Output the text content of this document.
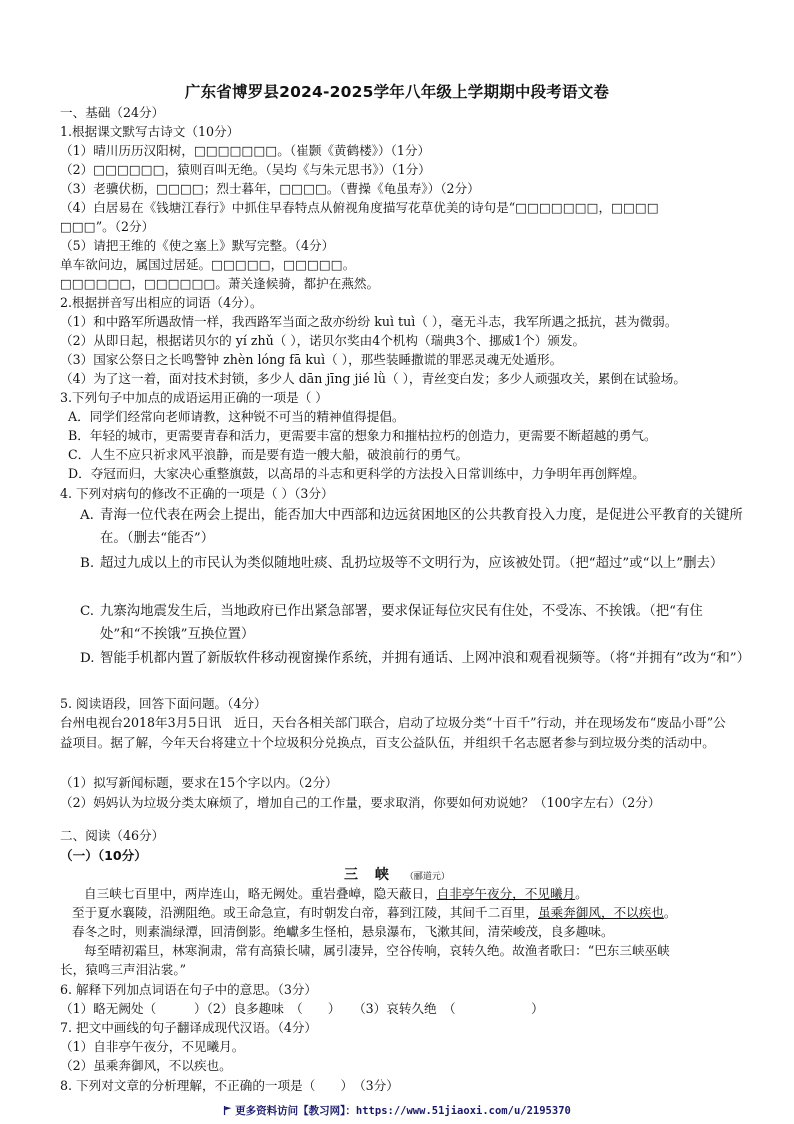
广东省博罗县2024-2025学年八年级上学期期中段考语文卷
一、基础（24分）
1.根据课文默写古诗文（10分）
（1）晴川历历汉阳树，□□□□□□□。（崔颢《黄鹤楼》）（1分）
（2）□□□□□□，猿则百叫无绝。（吴均《与朱元思书》）（1分）
（3）老骥伏枥，□□□□；烈士暮年，□□□□。（曹操《龟虽寿》）（2分）
（4）白居易在《钱塘江春行》中抓住早春特点从俯视角度描写花草优美的诗句是“□□□□□□□，□□□□
□□□”。（2分）
（5）请把王维的《使之塞上》默写完整。（4分）
单车欲问边，属国过居延。□□□□□，□□□□□。
□□□□□□，□□□□□□。萧关逢候骑，都护在燕然。
2.根据拼音写出相应的词语（4分）。
（1）和中路军所遇敌情一样，我西路军当面之敌亦纷纷 kuì tuì（ ），毫无斗志，我军所遇之抵抗，甚为微弱。
（2）从即日起，根据诺贝尔的 yí zhǔ（ ），诺贝尔奖由4个机构（瑞典3个、挪威1个）颁发。
（3）国家公祭日之长鸣警钟 zhèn lóng fā kuì（ ），那些装睡撒谎的罪恶灵魂无处遁形。
（4）为了这一着，面对技术封锁，多少人 dān jīng jié lǜ（ ），青丝变白发；多少人顽强攻关，累倒在试验场。
3.下列句子中加点的成语运用正确的一项是（ ）
A．同学们经常向老师请教，这种锐不可当的精神值得提倡。
B．年轻的城市，更需要青春和活力，更需要丰富的想象力和摧枯拉朽的创造力，更需要不断超越的勇气。
C．人生不应只祈求风平浪静，而是要有造一艘大船，破浪前行的勇气。
D．夺冠而归，大家决心重整旗鼓，以高昂的斗志和更科学的方法投入日常训练中，力争明年再创辉煌。
4. 下列对病句的修改不正确的一项是（ ）（3分）
A. 青海一位代表在两会上提出，能否加大中西部和边远贫困地区的公共教育投入力度，是促进公平教育的关键所在。（删去“能否”）
B. 超过九成以上的市民认为类似随地吐痰、乱扔垃圾等不文明行为，应该被处罚。（把“超过”或“以上”删去）
C. 九寨沟地震发生后，当地政府已作出紧急部署，要求保证每位灾民有住处，不受冻、不挨饿。（把“有住处”和“不挨饿”互换位置）
D. 智能手机都内置了新版软件移动视窗操作系统，并拥有通话、上网冲浪和观看视频等。（将“并拥有”改为“和”）
5. 阅读语段，回答下面问题。（4分）
台州电视台2018年3月5日讯　近日，天台各相关部门联合，启动了垃圾分类“十百千”行动，并在现场发布“废品小哥”公益项目。据了解，今年天台将建立十个垃圾积分兑换点，百支公益队伍，并组织千名志愿者参与到垃圾分类的活动中。
（1）拟写新闻标题，要求在15个字以内。（2分）
（2）妈妈认为垃圾分类太麻烦了，增加自己的工作量，要求取消，你要如何劝说她？（100字左右）（2分）
二、阅读（46分）
（一）（10分）
三 峡 （郦道元）
自三峡七百里中，两岸连山，略无阙处。重岩叠嶂，隐天蔽日，自非亭午夜分，不见曦月。
至于夏水襄陵，沿溯阻绝。或王命急宣，有时朝发白帝，暮到江陵，其间千二百里，虽乘奔御风，不以疾也。
春冬之时，则素湍绿潭，回清倒影。绝巘多生怪柏，悬泉瀑布，飞漱其间，清荣峻茂，良多趣味。
每至晴初霜旦，林寒涧肃，常有高猿长啸，属引凄异，空谷传响，哀转久绝。故渔者歌曰：“巴东三峡巫峡
长，猿鸣三声泪沾裳。”
6. 解释下列加点词语在句子中的意思。（3分）
（1）略无阙处（　　　）（2）良多趣味　（　　）　　（3）哀转久绝　（　　　　　　）
7. 把文中画线的句子翻译成现代汉语。（4分）
（1）自非亭午夜分，不见曦月。
（2）虽乘奔御风，不以疾也。
8. 下列对文章的分析理解，不正确的一项是（　　）　（3分）
更多资料访问【教习网】：https://www.51jiaoxi.com/u/2195370
